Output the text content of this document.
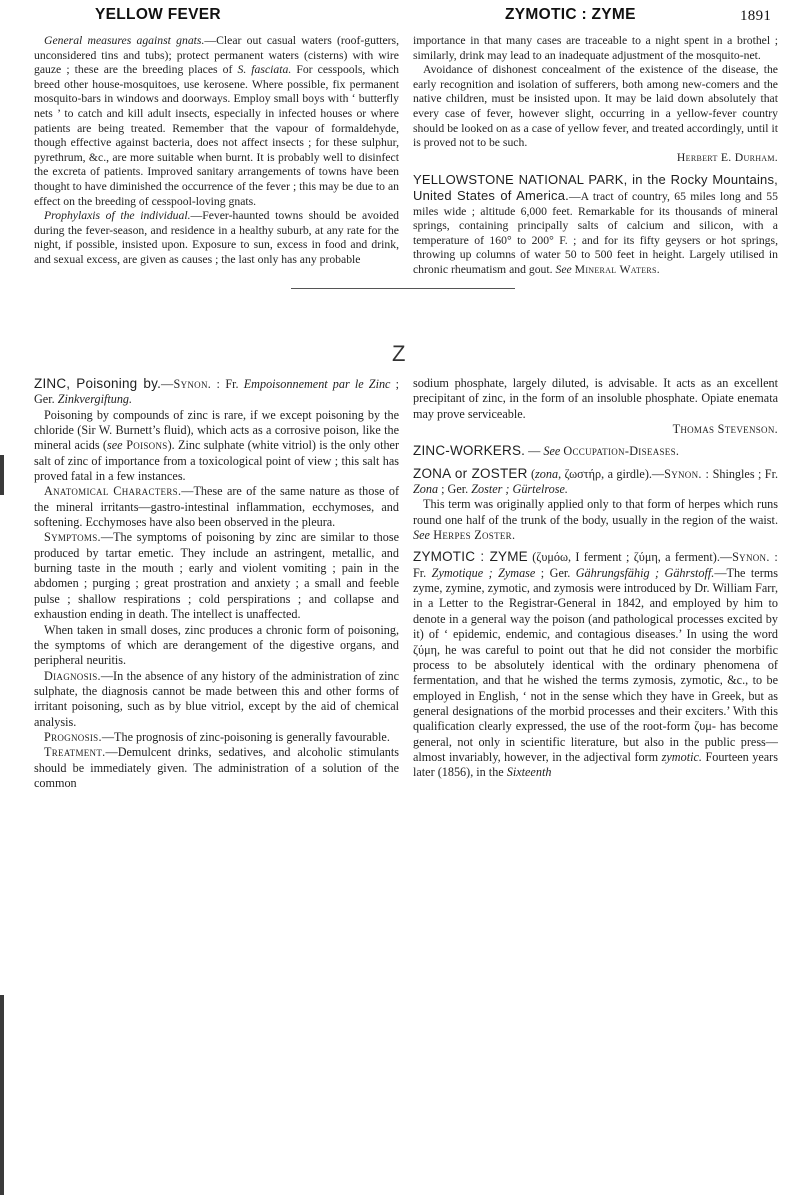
YELLOW FEVER	ZYMOTIC : ZYME	1891

General measures against gnats.—Clear out casual waters (roof-gutters, unconsidered tins and tubs); protect permanent waters (cisterns) with wire gauze ; these are the breeding places of S. fasciata. For cesspools, which breed other house-mosquitoes, use kerosene. Where possible, fix permanent mosquito-bars in windows and doorways. Employ small boys with ‘ butterfly nets ’ to catch and kill adult insects, especially in infected houses or where patients are being treated. Remember that the vapour of formaldehyde, though effective against bacteria, does not affect insects ; for these sulphur, pyrethrum, &c., are more suitable when burnt. It is probably well to disinfect the excreta of patients. Improved sanitary arrangements of towns have been thought to have diminished the occurrence of the fever ; this may be due to an effect on the breeding of cesspool-loving gnats.

Prophylaxis of the individual.—Fever-haunted towns should be avoided during the fever-season, and residence in a healthy suburb, at any rate for the night, if possible, insisted upon. Exposure to sun, excess in food and drink, and sexual excess, are given as causes ; the last only has any probable

importance in that many cases are traceable to a night spent in a brothel ; similarly, drink may lead to an inadequate adjustment of the mosquito-net.

Avoidance of dishonest concealment of the existence of the disease, the early recognition and isolation of sufferers, both among new-comers and the native children, must be insisted upon. It may be laid down absolutely that every case of fever, however slight, occurring in a yellow-fever country should be looked on as a case of yellow fever, and treated accordingly, until it is proved not to be such.

Herbert E. Durham.

YELLOWSTONE NATIONAL PARK, in the Rocky Mountains, United States of America.—A tract of country, 65 miles long and 55 miles wide ; altitude 6,000 feet. Remarkable for its thousands of mineral springs, containing principally salts of calcium and silicon, with a temperature of 160° to 200° F. ; and for its fifty geysers or hot springs, throwing up columns of water 50 to 500 feet in height. Largely utilised in chronic rheumatism and gout. See Mineral Waters.

Z

ZINC, Poisoning by.—Synon. : Fr. Empoisonnement par le Zinc ; Ger. Zinkvergiftung.

Poisoning by compounds of zinc is rare, if we except poisoning by the chloride (Sir W. Burnett’s fluid), which acts as a corrosive poison, like the mineral acids (see Poisons). Zinc sulphate (white vitriol) is the only other salt of zinc of importance from a toxicological point of view ; this salt has proved fatal in a few instances.

Anatomical Characters.—These are of the same nature as those of the mineral irritants—gastro-intestinal inflammation, ecchymoses, and softening. Ecchymoses have also been observed in the pleura.

Symptoms.—The symptoms of poisoning by zinc are similar to those produced by tartar emetic. They include an astringent, metallic, and burning taste in the mouth ; early and violent vomiting ; pain in the abdomen ; purging ; great prostration and anxiety ; a small and feeble pulse ; shallow respirations ; cold perspirations ; and collapse and exhaustion ending in death. The intellect is unaffected.

When taken in small doses, zinc produces a chronic form of poisoning, the symptoms of which are derangement of the digestive organs, and peripheral neuritis.

Diagnosis.—In the absence of any history of the administration of zinc sulphate, the diagnosis cannot be made between this and other forms of irritant poisoning, such as by blue vitriol, except by the aid of chemical analysis.

Prognosis.—The prognosis of zinc-poisoning is generally favourable.

Treatment.—Demulcent drinks, sedatives, and alcoholic stimulants should be immediately given. The administration of a solution of the common

sodium phosphate, largely diluted, is advisable. It acts as an excellent precipitant of zinc, in the form of an insoluble phosphate. Opiate enemata may prove serviceable.

Thomas Stevenson.

ZINC-WORKERS. — See Occupation-Diseases.

ZONA or ZOSTER (zona, ζωστήρ, a girdle).—Synon. : Shingles ; Fr. Zona ; Ger. Zoster ; Gürtelrose.

This term was originally applied only to that form of herpes which runs round one half of the trunk of the body, usually in the region of the waist. See Herpes Zoster.

ZYMOTIC : ZYME (ζυμόω, I ferment ; ζύμη, a ferment).—Synon. : Fr. Zymotique ; Zymase ; Ger. Gährungsfähig ; Gährstoff.—The terms zyme, zymine, zymotic, and zymosis were introduced by Dr. William Farr, in a Letter to the Registrar-General in 1842, and employed by him to denote in a general way the poison (and pathological processes excited by it) of ‘ epidemic, endemic, and contagious diseases.’ In using the word ζύμη, he was careful to point out that he did not consider the morbific process to be absolutely identical with the ordinary phenomena of fermentation, and that he wished the terms zymosis, zymotic, &c., to be employed in English, ‘ not in the sense which they have in Greek, but as general designations of the morbid processes and their exciters.’ With this qualification clearly expressed, the use of the root-form ζυμ- has become general, not only in scientific literature, but also in the public press—almost invariably, however, in the adjectival form zymotic. Fourteen years later (1856), in the Sixteenth
